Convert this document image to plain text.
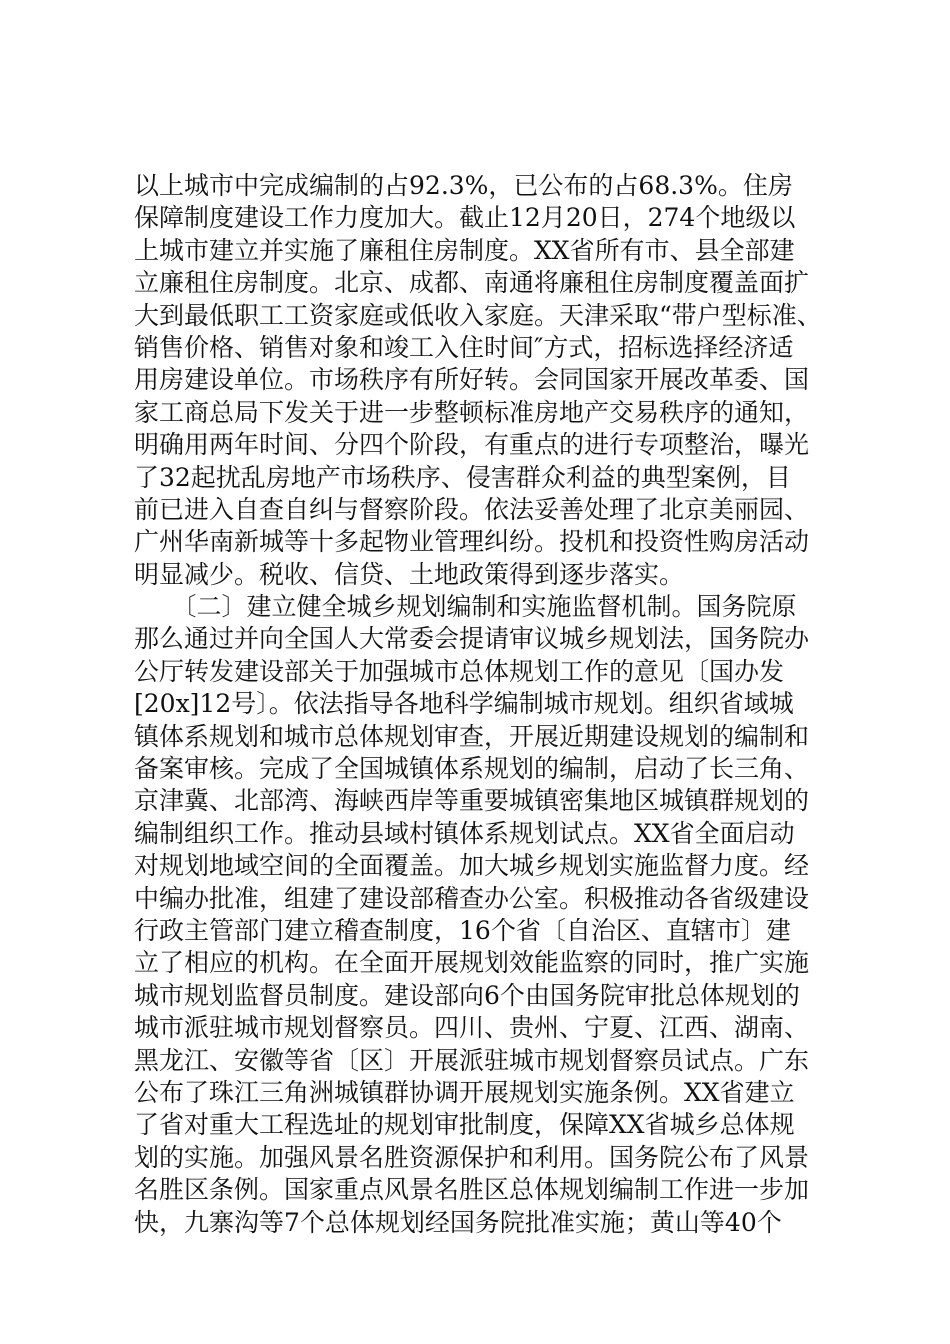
以上城市中完成编制的占92.3%，已公布的占68.3%。住房
保障制度建设工作力度加大。截止12月20日，274个地级以
上城市建立并实施了廉租住房制度。XX省所有市、县全部建
立廉租住房制度。北京、成都、南通将廉租住房制度覆盖面扩
大到最低职工工资家庭或低收入家庭。天津采取“带户型标准、
销售价格、销售对象和竣工入住时间″方式，招标选择经济适
用房建设单位。市场秩序有所好转。会同国家开展改革委、国
家工商总局下发关于进一步整顿标准房地产交易秩序的通知，
明确用两年时间、分四个阶段，有重点的进行专项整治，曝光
了32起扰乱房地产市场秩序、侵害群众利益的典型案例，目
前已进入自查自纠与督察阶段。依法妥善处理了北京美丽园、
广州华南新城等十多起物业管理纠纷。投机和投资性购房活动
明显减少。税收、信贷、土地政策得到逐步落实。
　　〔二〕建立健全城乡规划编制和实施监督机制。国务院原
那么通过并向全国人大常委会提请审议城乡规划法，国务院办
公厅转发建设部关于加强城市总体规划工作的意见〔国办发
[20x]12号〕。依法指导各地科学编制城市规划。组织省域城
镇体系规划和城市总体规划审查，开展近期建设规划的编制和
备案审核。完成了全国城镇体系规划的编制，启动了长三角、
京津冀、北部湾、海峡西岸等重要城镇密集地区城镇群规划的
编制组织工作。推动县域村镇体系规划试点。XX省全面启动
对规划地域空间的全面覆盖。加大城乡规划实施监督力度。经
中编办批准，组建了建设部稽查办公室。积极推动各省级建设
行政主管部门建立稽查制度，16个省〔自治区、直辖市〕建
立了相应的机构。在全面开展规划效能监察的同时，推广实施
城市规划监督员制度。建设部向6个由国务院审批总体规划的
城市派驻城市规划督察员。四川、贵州、宁夏、江西、湖南、
黑龙江、安徽等省〔区〕开展派驻城市规划督察员试点。广东
公布了珠江三角洲城镇群协调开展规划实施条例。XX省建立
了省对重大工程选址的规划审批制度，保障XX省城乡总体规
划的实施。加强风景名胜资源保护和利用。国务院公布了风景
名胜区条例。国家重点风景名胜区总体规划编制工作进一步加
快，九寨沟等7个总体规划经国务院批准实施；黄山等40个
